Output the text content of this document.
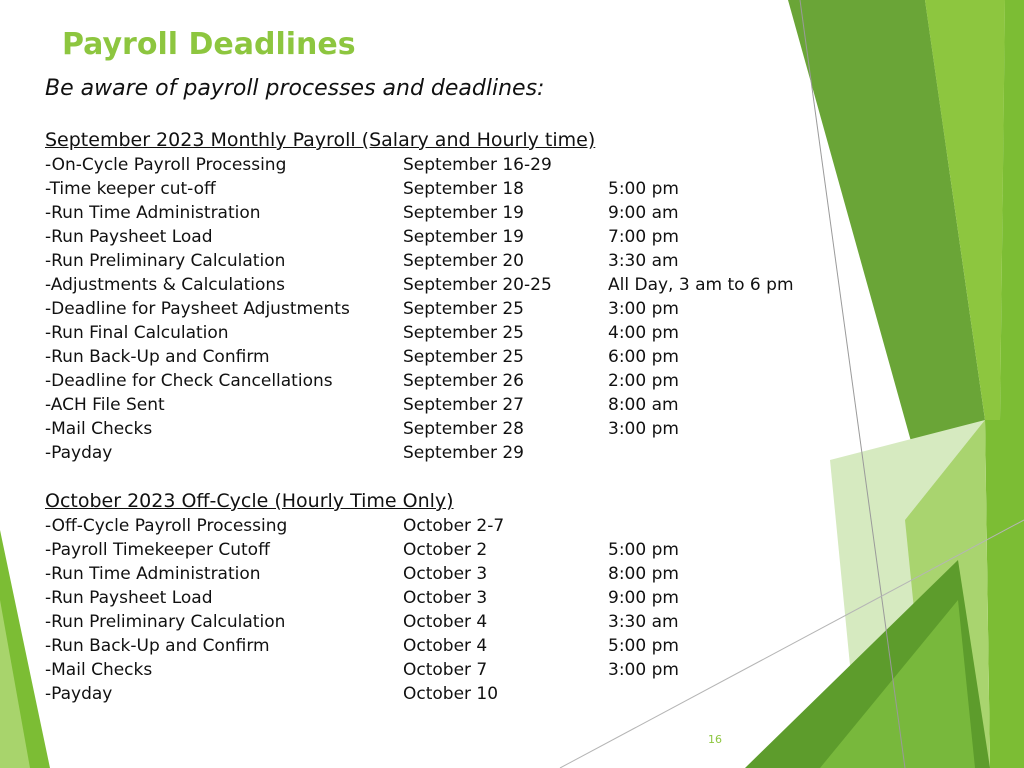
Payroll Deadlines
Be aware of payroll processes and deadlines:
September 2023 Monthly Payroll (Salary and Hourly time)
-On-Cycle Payroll Processing	September 16-29
-Time keeper cut-off	September 18	5:00 pm
-Run Time Administration	September 19	9:00 am
-Run Paysheet Load	September 19	7:00 pm
-Run Preliminary Calculation	September 20	3:30 am
-Adjustments & Calculations	September 20-25	All Day, 3 am to 6 pm
-Deadline for Paysheet Adjustments	September 25	3:00 pm
-Run Final Calculation	September 25	4:00 pm
-Run Back-Up and Confirm	September 25	6:00 pm
-Deadline for Check Cancellations	September 26	2:00 pm
-ACH File Sent	September 27	8:00 am
-Mail Checks	September 28	3:00 pm
-Payday	September 29
October 2023 Off-Cycle (Hourly Time Only)
-Off-Cycle Payroll Processing	October 2-7
-Payroll Timekeeper Cutoff	October 2	5:00 pm
-Run Time Administration	October 3	8:00 pm
-Run Paysheet Load	October 3	9:00 pm
-Run Preliminary Calculation	October 4	3:30 am
-Run Back-Up and Confirm	October 4	5:00 pm
-Mail Checks	October 7	3:00 pm
-Payday	October 10
16
